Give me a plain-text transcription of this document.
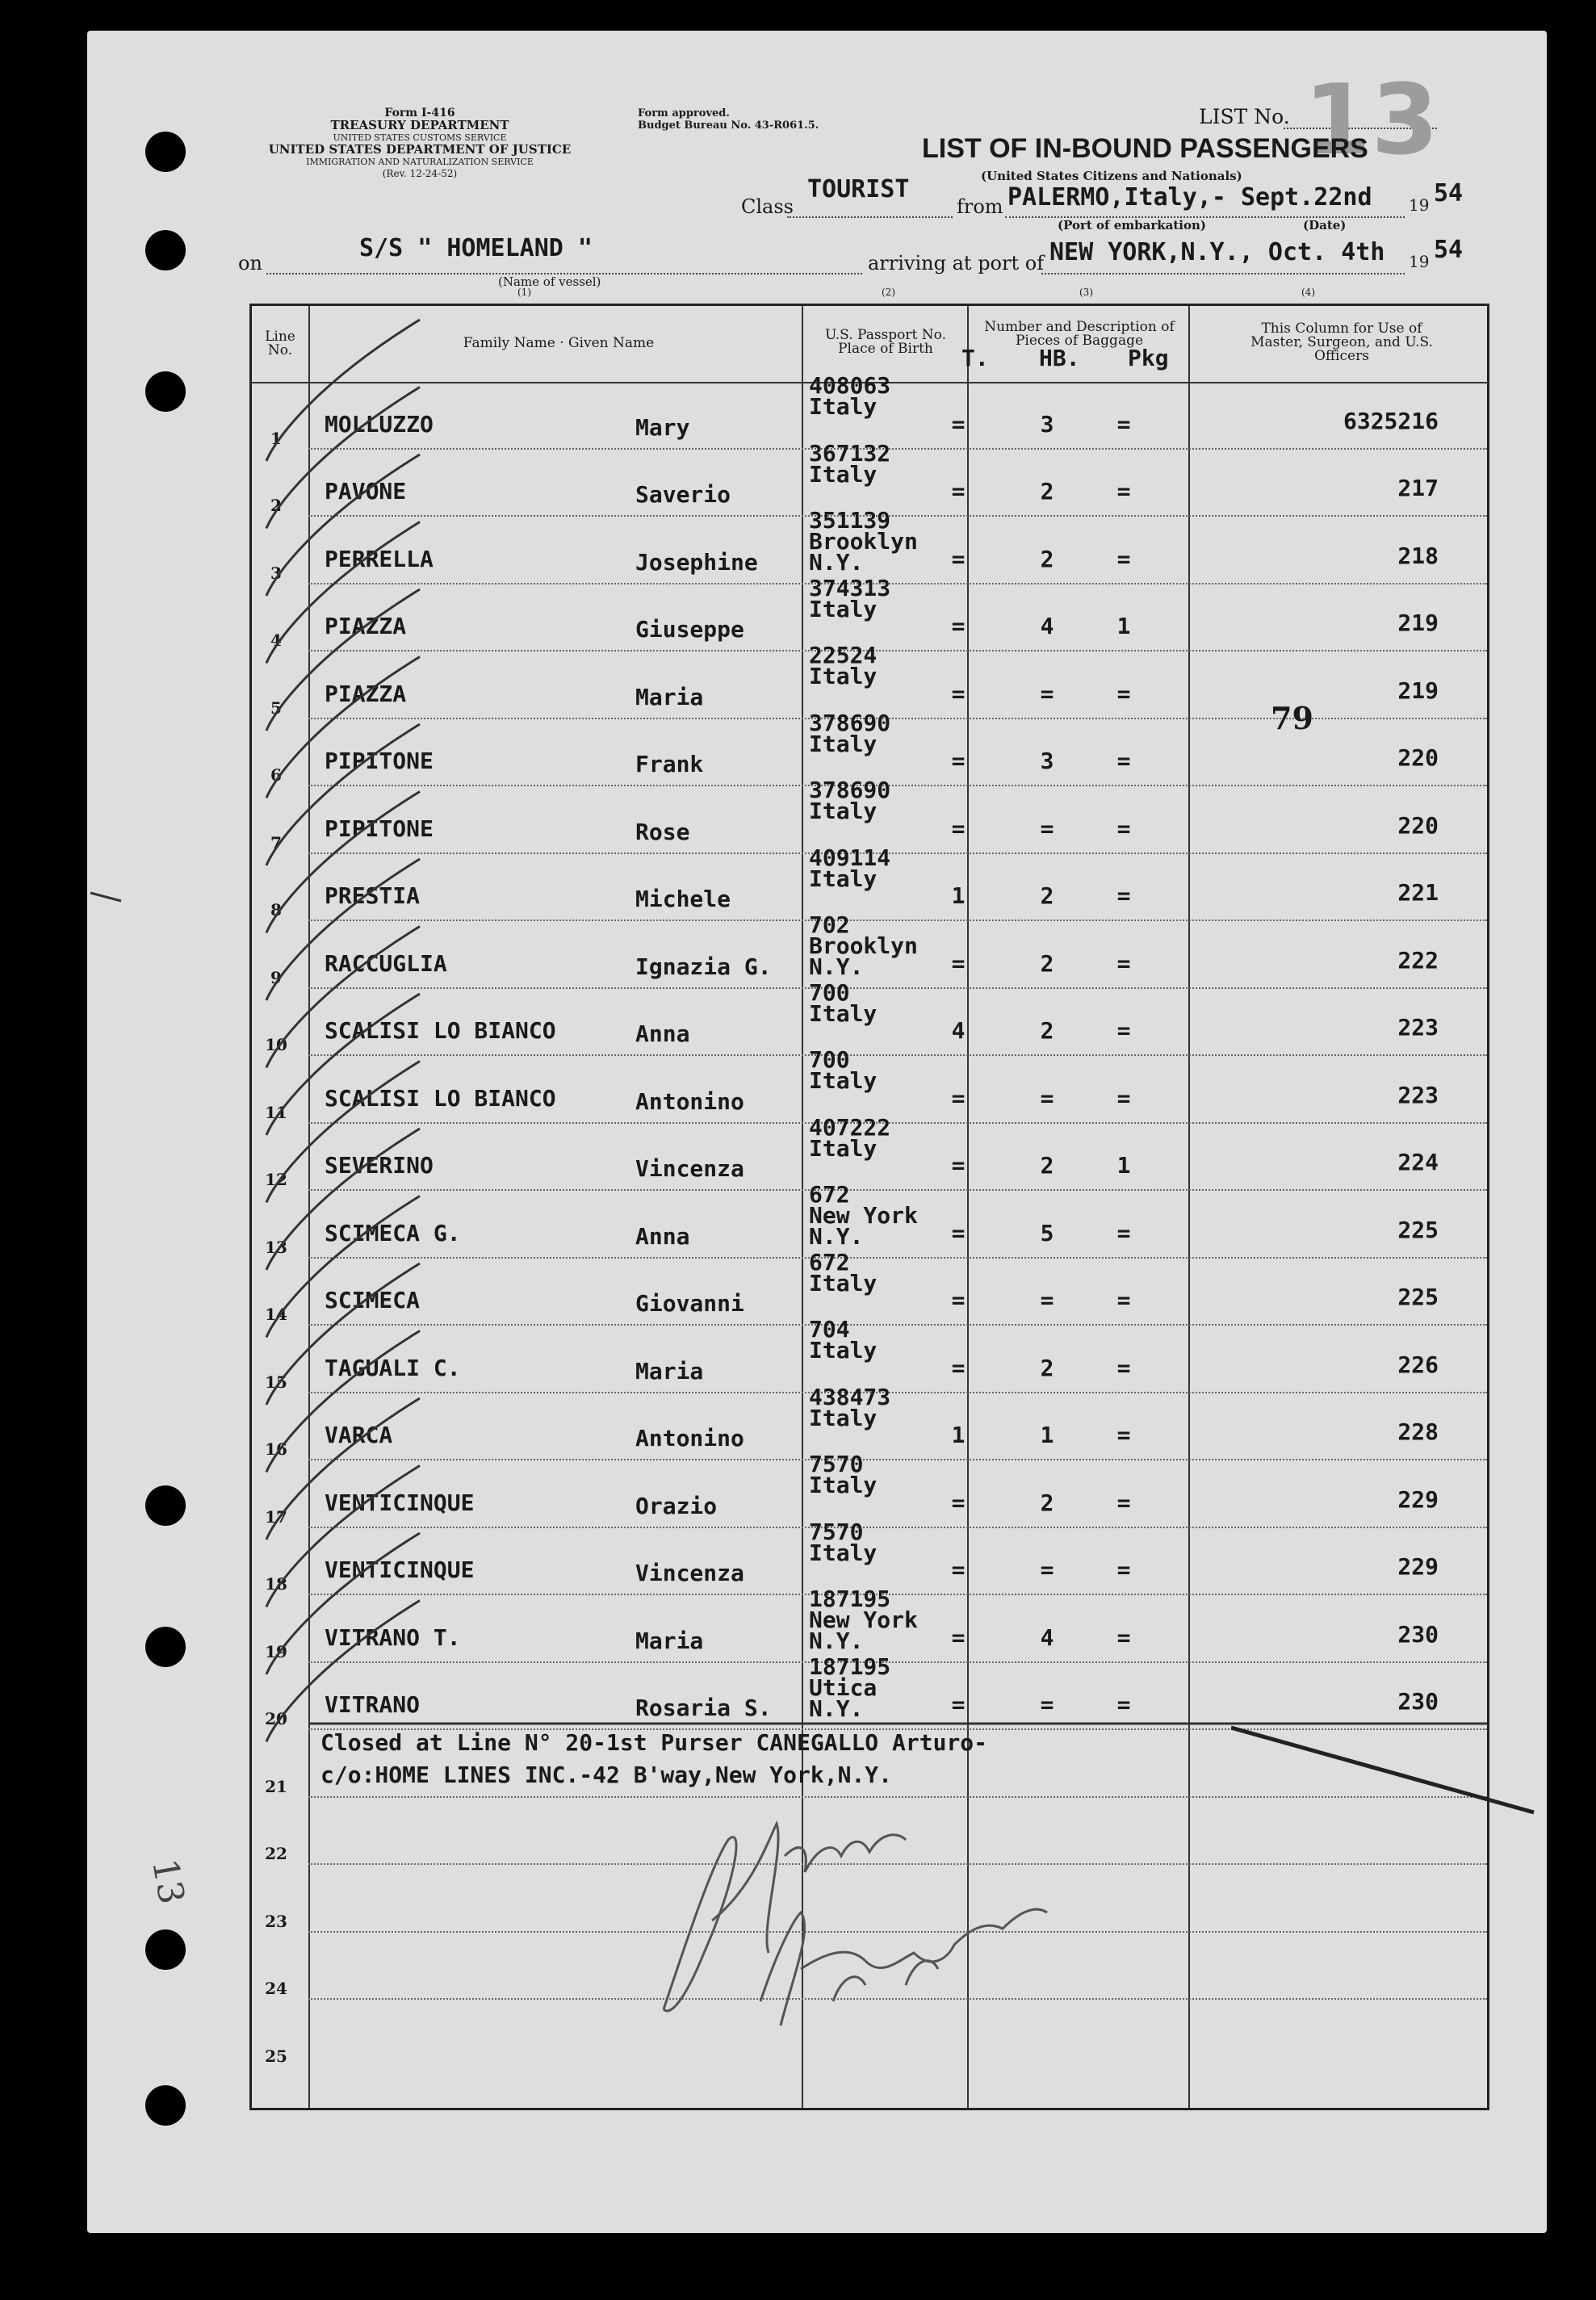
Form I-416
TREASURY DEPARTMENT
UNITED STATES CUSTOMS SERVICE
UNITED STATES DEPARTMENT OF JUSTICE
IMMIGRATION AND NATURALIZATION SERVICE
(Rev. 12-24-52)
Form approved.
Budget Bureau No. 43-R061.5.	LIST No. 13
LIST OF IN-BOUND PASSENGERS
(United States Citizens and Nationals)
Class
TOURIST
from PALERMO,Italy,- Sept.22nd 19 54
(Port of embarkation)	(Date)
on
S/S " HOMELAND "
(Name of vessel)
(1)
arriving at port of NEW YORK,N.Y., Oct. 4th 19 54
(2)	(3)	(4)
Line No.	Family Name · Given Name	U.S. Passport No. Place of Birth
Number and Description of Pieces of Baggage
T. HB. Pkg
This Column for Use of Master, Surgeon, and U.S. Officers
1
MOLLUZZO	Mary
408063
Italy
=	3	=	6325216
2
PAVONE	Saverio
367132
Italy
=	2	=	217
3
PERRELLA	Josephine
351139
Brooklyn
N.Y.	=	2	=	218
4
PIAZZA	Giuseppe
374313
Italy
=	4	1	219
5
PIAZZA	Maria
22524
Italy
=	=	=	219
6
PIPITONE	Frank
378690
Italy
=	3	=	220
7
PIPITONE	Rose
378690
Italy
=	=	=	220
8
PRESTIA	Michele
409114
Italy
1	2	=	221
9
RACCUGLIA	Ignazia G.
702
Brooklyn
N.Y.	=	2	=	222
10
SCALISI LO BIANCO	Anna
700
Italy
4	2	=	223
11
SCALISI LO BIANCO	Antonino
700
Italy
=	=	=	223
12
SEVERINO	Vincenza
407222
Italy
=	2	1	224
13
SCIMECA G.	Anna
672
New York
N.Y.	=	5	=	225
14
SCIMECA	Giovanni
672
Italy
=	=	=	225
15
TAGUALI C.	Maria
704
Italy
=	2	=	226
16
VARCA	Antonino
438473
Italy
1	1	=	228
17
VENTICINQUE	Orazio
7570
Italy
=	2	=	229
18
VENTICINQUE	Vincenza
7570
Italy
=	=	=	229
19
VITRANO T.	Maria
187195
New York
N.Y.	=	4	=	230
20
VITRANO	Rosaria S.
187195
Utica
N.Y.	=	=	=	230
21
22
23
24
25
79
Closed at Line N° 20-1st Purser CANEGALLO Arturo-
c/o:HOME LINES INC.-42 B'way,New York,N.Y.
13
